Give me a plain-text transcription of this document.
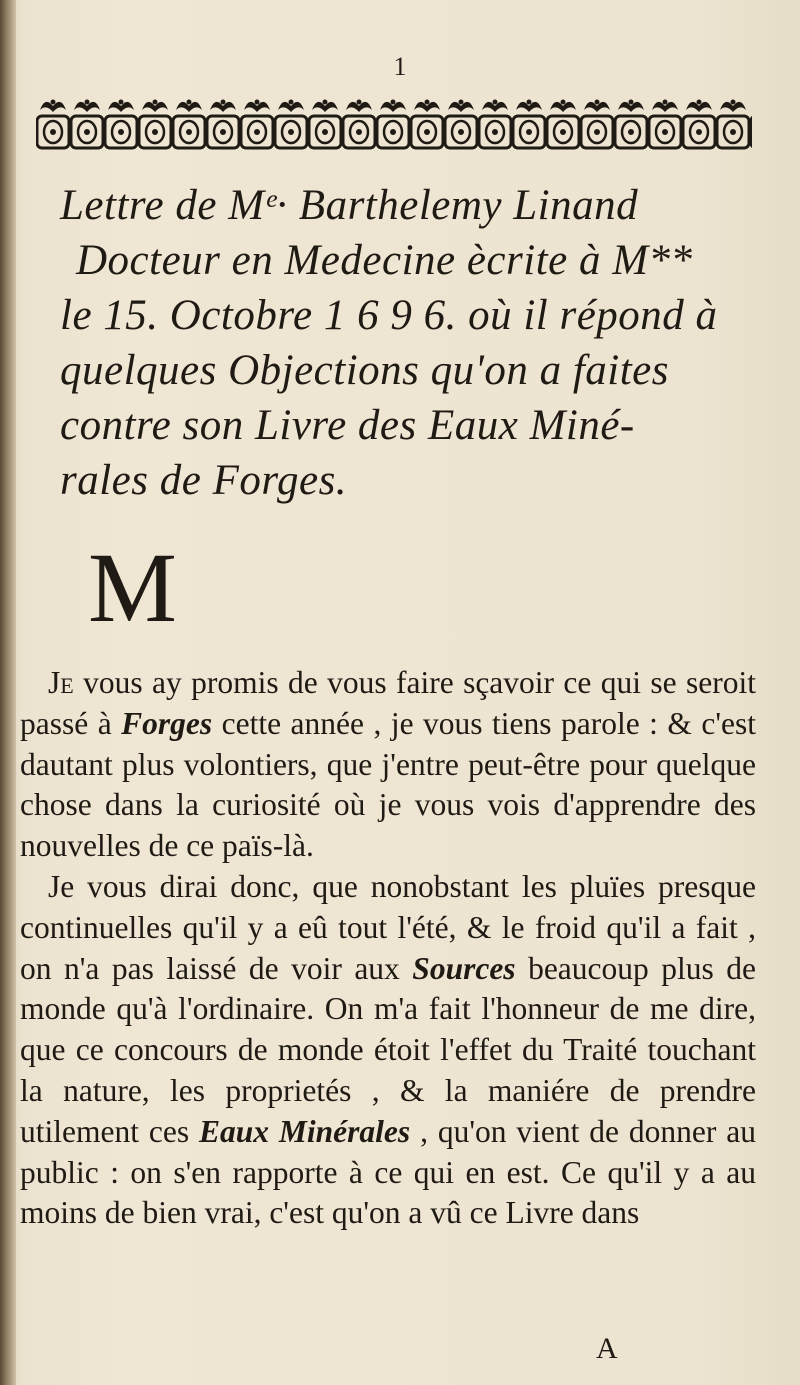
1
Lettre de Mᵉ· Barthelemy Linand
Docteur en Medecine ècrite à M**
le 15. Octobre 1 6 9 6. où il répond à
quelques Objections qu'on a faites
contre son Livre des Eaux Miné-
rales de Forges.
M

Je vous ay promis de vous faire sçavoir ce qui se seroit passé à Forges cette année , je vous tiens parole : & c'est dautant plus volontiers, que j'entre peut-être pour quelque chose dans la curiosité où je vous vois d'apprendre des nouvelles de ce païs-là.

Je vous dirai donc, que nonobstant les pluïes presque continuelles qu'il y a eû tout l'été, & le froid qu'il a fait , on n'a pas laissé de voir aux Sources beaucoup plus de monde qu'à l'ordinaire. On m'a fait l'honneur de me dire, que ce concours de monde étoit l'effet du Traité touchant la nature, les proprietés , & la maniére de prendre utilement ces Eaux Minérales , qu'on vient de donner au public : on s'en rapporte à ce qui en est. Ce qu'il y a au moins de bien vrai, c'est qu'on a vû ce Livre dans

A
